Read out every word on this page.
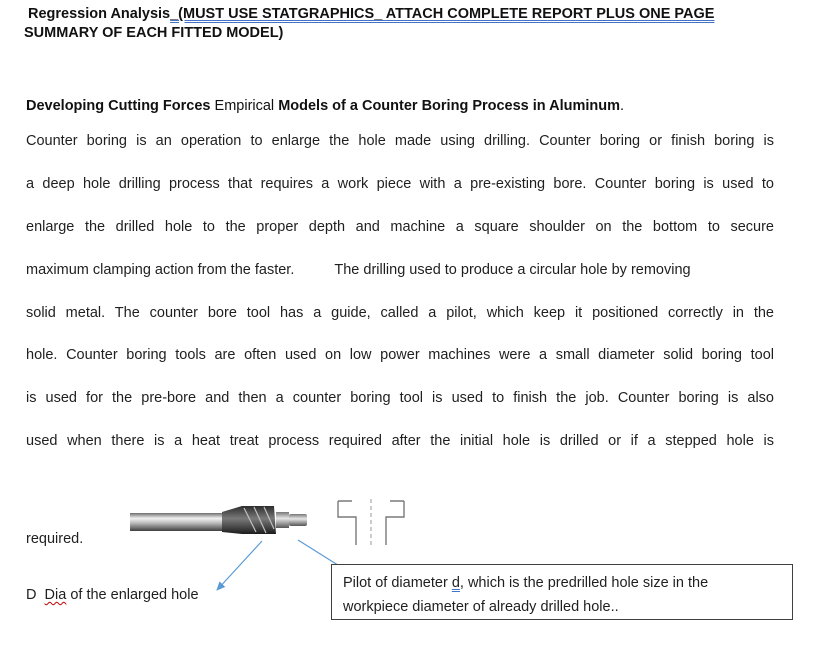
Regression Analysis_(MUST USE STATGRAPHICS_ ATTACH COMPLETE REPORT PLUS ONE PAGE
SUMMARY OF EACH FITTED MODEL)
Developing Cutting Forces Empirical Models of a Counter Boring Process in Aluminum.
Counter boring is an operation to enlarge the hole made using drilling. Counter boring or finish boring is
a deep hole drilling process that requires a work piece with a pre-existing bore. Counter boring is used to
enlarge the drilled hole to the proper depth and machine a square shoulder on the bottom to secure
maximum clamping action from the faster.	The drilling used to produce a circular hole by removing
solid metal. The counter bore tool has a guide, called a pilot, which keep it positioned correctly in the
hole. Counter boring tools are often used on low power machines were a small diameter solid boring tool
is used for the pre-bore and then a counter boring tool is used to finish the job. Counter boring is also
used when there is a heat treat process required after the initial hole is drilled or if a stepped hole is
required.
D Dia of the enlarged hole
Pilot of diameter d, which is the predrilled hole size in the
workpiece diameter of already drilled hole..
